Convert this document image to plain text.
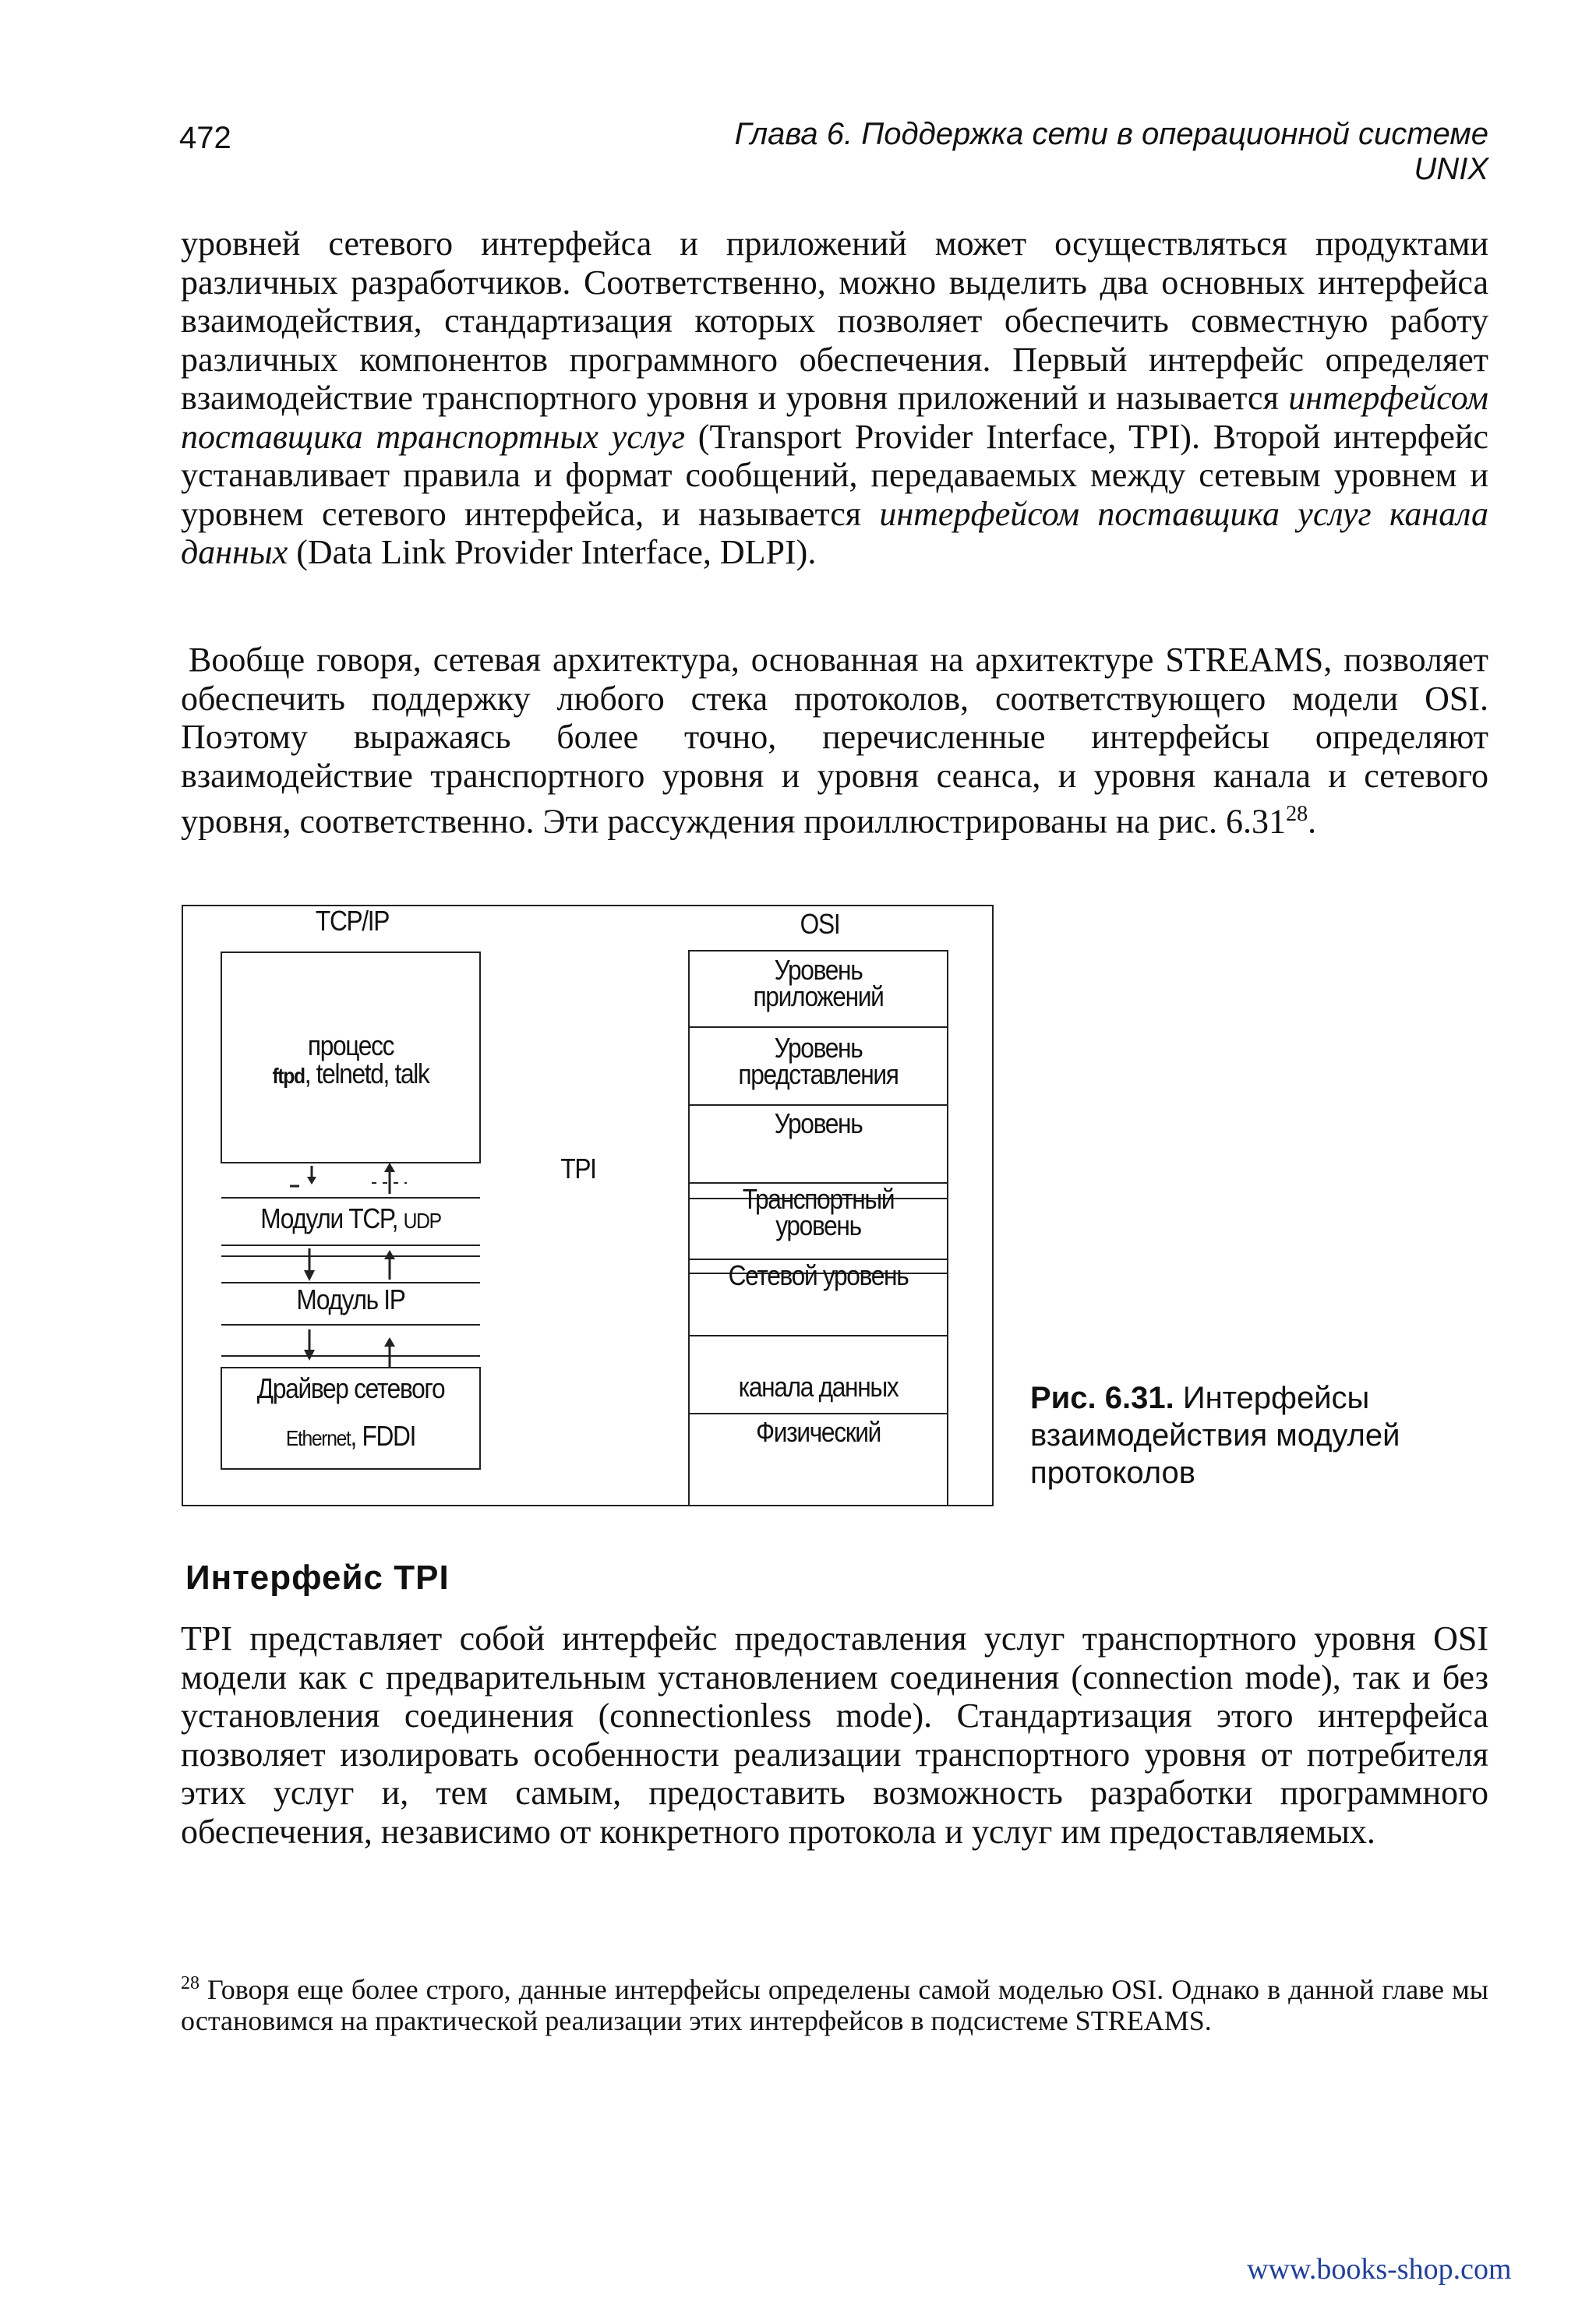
472	Глава 6. Поддержка сети в операционной системе UNIX

уровней сетевого интерфейса и приложений может осуществляться продуктами различных разработчиков. Соответственно, можно выделить два основных интерфейса взаимодействия, стандартизация которых позволяет обеспечить совместную работу различных компонентов программного обеспечения. Первый интерфейс определяет взаимодействие транспортного уровня и уровня приложений и называется интерфейсом поставщика транспортных услуг (Transport Provider Interface, TPI). Второй интерфейс устанавливает правила и формат сообщений, передаваемых между сетевым уровнем и уровнем сетевого интерфейса, и называется интерфейсом поставщика услуг канала данных (Data Link Provider Interface, DLPI).

Вообще говоря, сетевая архитектура, основанная на архитектуре STREAMS, позволяет обеспечить поддержку любого стека протоколов, соответствующего модели OSI. Поэтому выражаясь более точно, перечисленные интерфейсы определяют взаимодействие транспортного уровня и уровня сеанса, и уровня канала и сетевого уровня, соответственно. Эти рассуждения проиллюстрированы на рис. 6.31$^{28}$.

TCP/IP	OSI
TPI
процесс
ftpd, telnetd, talk
Модули TCP, UDP
Модуль IP
Драйвер сетевого
Ethernet, FDDI
Уровень приложений
Уровень представления
Уровень
Транспортный уровень
Сетевой уровень
канала данных
Физический

Рис. 6.31. Интерфейсы взаимодействия модулей протоколов

Интерфейс TPI

TPI представляет собой интерфейс предоставления услуг транспортного уровня OSI модели как с предварительным установлением соединения (connection mode), так и без установления соединения (connectionless mode). Стандартизация этого интерфейса позволяет изолировать особенности реализации транспортного уровня от потребителя этих услуг и, тем самым, предоставить возможность разработки программного обеспечения, независимо от конкретного протокола и услуг им предоставляемых.

$^{28}$ Говоря еще более строго, данные интерфейсы определены самой моделью OSI. Однако в данной главе мы остановимся на практической реализации этих интерфейсов в подсистеме STREAMS.

www.books-shop.com
